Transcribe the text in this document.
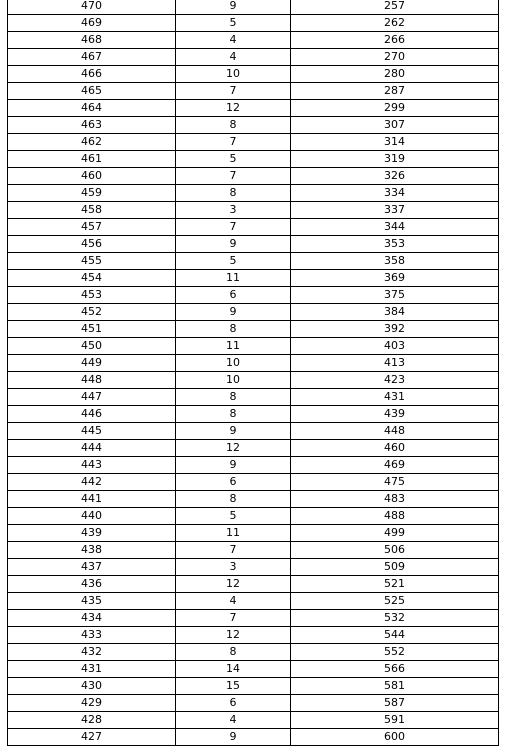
470	9	257
469	5	262
468	4	266
467	4	270
466	10	280
465	7	287
464	12	299
463	8	307
462	7	314
461	5	319
460	7	326
459	8	334
458	3	337
457	7	344
456	9	353
455	5	358
454	11	369
453	6	375
452	9	384
451	8	392
450	11	403
449	10	413
448	10	423
447	8	431
446	8	439
445	9	448
444	12	460
443	9	469
442	6	475
441	8	483
440	5	488
439	11	499
438	7	506
437	3	509
436	12	521
435	4	525
434	7	532
433	12	544
432	8	552
431	14	566
430	15	581
429	6	587
428	4	591
427	9	600
